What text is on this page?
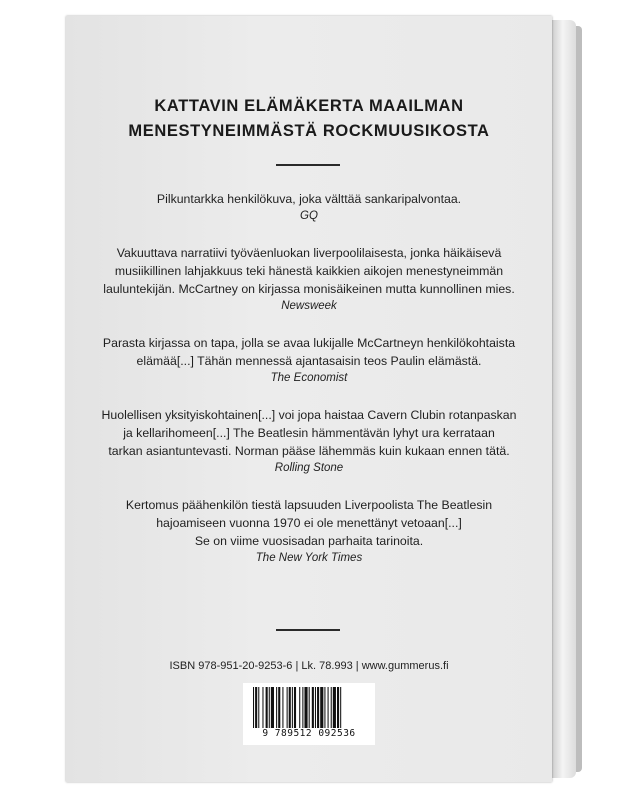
KATTAVIN ELÄMÄKERTA MAAILMAN
MENESTYNEIMMÄSTÄ ROCKMUUSIKOSTA
Pilkuntarkka henkilökuva, joka välttää sankaripalvontaa.
GQ
Vakuuttava narratiivi työväenluokan liverpoolilaisesta, jonka häikäisevä
musiikillinen lahjakkuus teki hänestä kaikkien aikojen menestyneimmän
lauluntekijän. McCartney on kirjassa monisäikeinen mutta kunnollinen mies.
Newsweek
Parasta kirjassa on tapa, jolla se avaa lukijalle McCartneyn henkilökohtaista
elämää[...] Tähän mennessä ajantasaisin teos Paulin elämästä.
The Economist
Huolellisen yksityiskohtainen[...] voi jopa haistaa Cavern Clubin rotanpaskan
ja kellarihomeen[...] The Beatlesin hämmentävän lyhyt ura kerrataan
tarkan asiantuntevasti. Norman pääse lähemmäs kuin kukaan ennen tätä.
Rolling Stone
Kertomus päähenkilön tiestä lapsuuden Liverpoolista The Beatlesin
hajoamiseen vuonna 1970 ei ole menettänyt vetoaan[...]
Se on viime vuosisadan parhaita tarinoita.
The New York Times
ISBN 978-951-20-9253-6 | Lk. 78.993 | www.gummerus.fi
9 789512 092536
